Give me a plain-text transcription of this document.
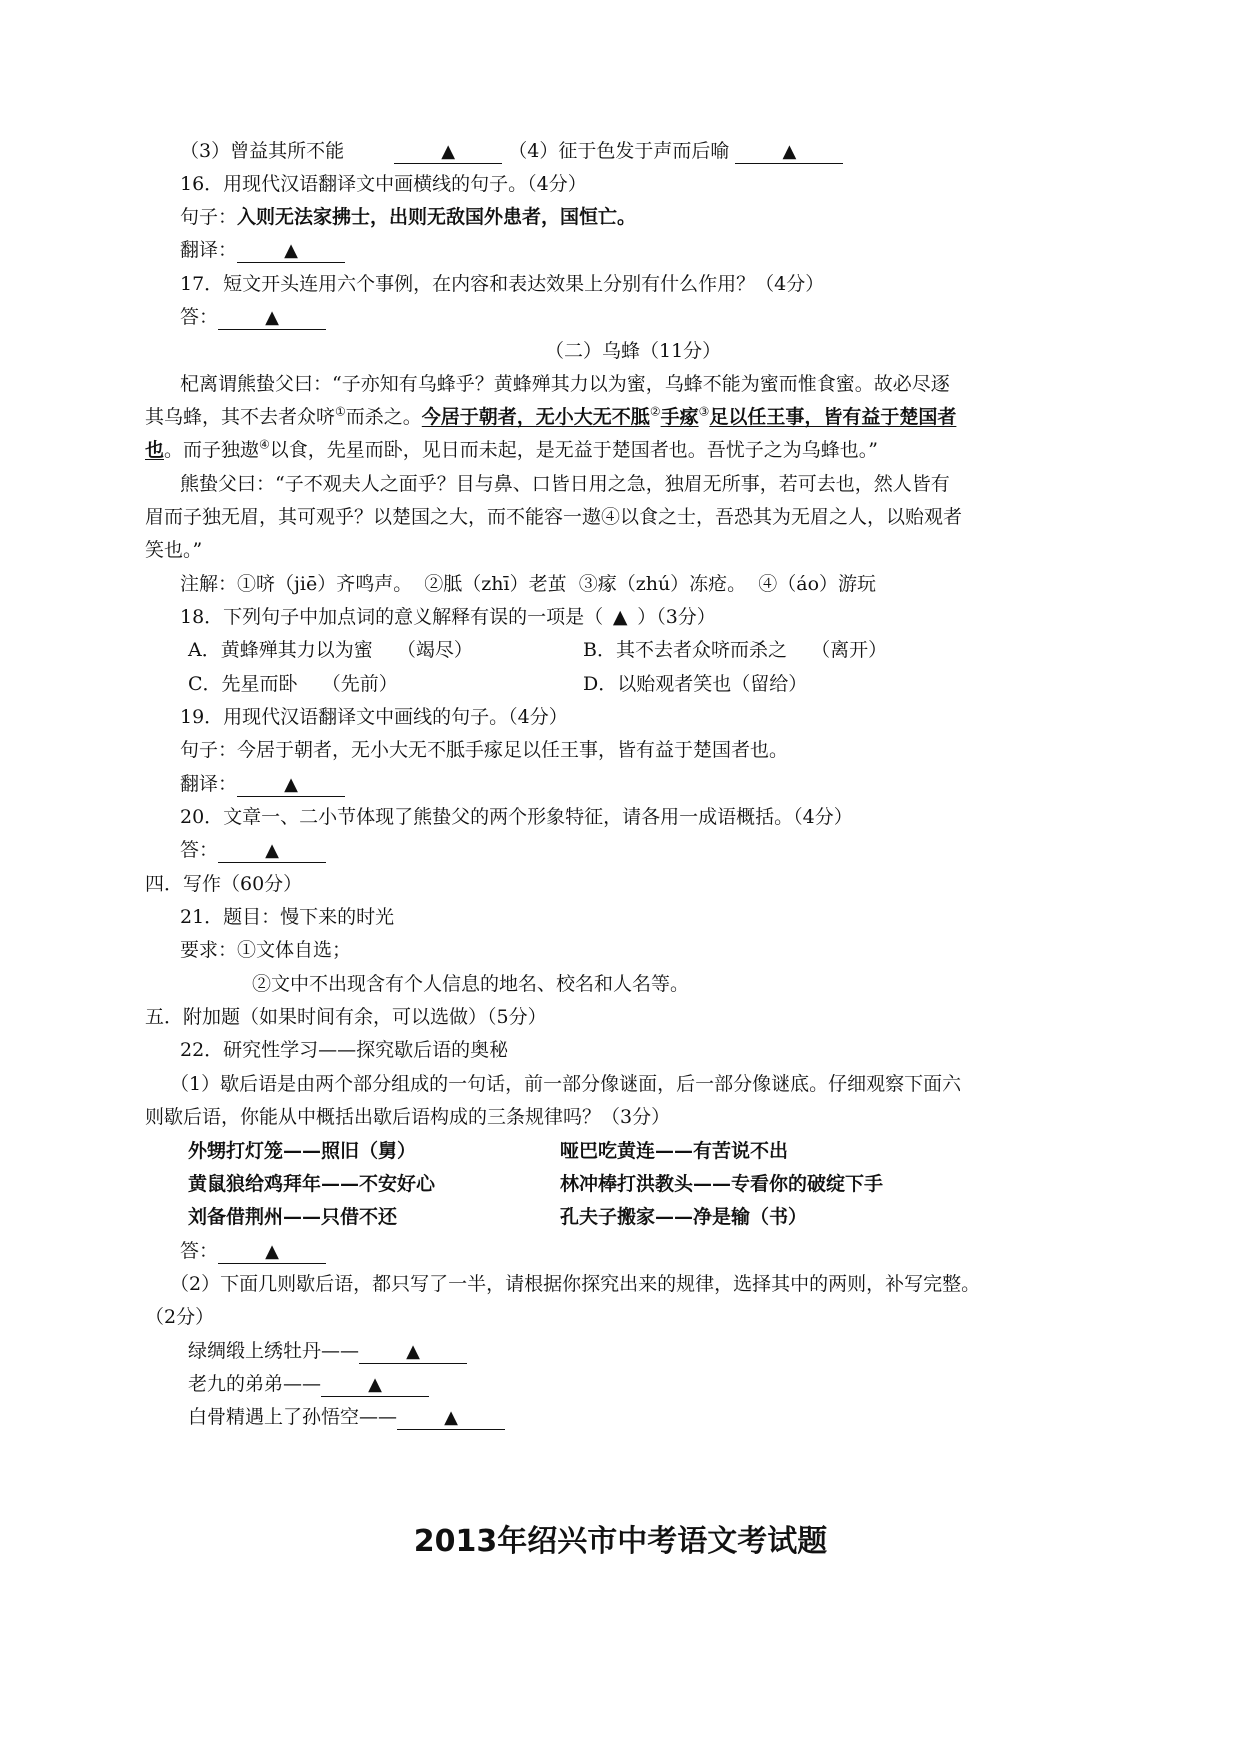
（3）曾益其所不能	▲	（4）征于色发于声而后喻	▲
16．用现代汉语翻译文中画横线的句子。（4分）
句子：入则无法家拂士，出则无敌国外患者，国恒亡。
翻译：	▲
17．短文开头连用六个事例，在内容和表达效果上分别有什么作用？（4分）
答：	▲
（二）乌蜂（11分）
杞离谓熊蛰父曰：“子亦知有乌蜂乎？黄蜂殚其力以为蜜，乌蜂不能为蜜而惟食蜜。故必尽逐
其乌蜂，其不去者众哜①而杀之。今居于朝者，无小大无不胝②手瘃③足以任王事，皆有益于楚国者
也。而子独遨④以食，先星而卧，见日而未起，是无益于楚国者也。吾忧子之为乌蜂也。”
熊蛰父曰：“子不观夫人之面乎？目与鼻、口皆日用之急，独眉无所事，若可去也，然人皆有
眉而子独无眉，其可观乎？以楚国之大，而不能容一遨④以食之士，吾恐其为无眉之人，以贻观者
笑也。”
注解：①哜（jiē）齐鸣声。  ②胝（zhī）老茧  ③瘃（zhú）冻疮。  ④（áo）游玩
18．下列句子中加点词的意义解释有误的一项是（ ▲ ）（3分）
A．黄蜂殚其力以为蜜    （竭尽）	B．其不去者众哜而杀之    （离开）
C．先星而卧    （先前）	D．以贻观者笑也（留给）
19．用现代汉语翻译文中画线的句子。（4分）
句子：今居于朝者，无小大无不胝手瘃足以任王事，皆有益于楚国者也。
翻译：	▲
20．文章一、二小节体现了熊蛰父的两个形象特征，请各用一成语概括。（4分）
答：	▲
四．写作（60分）
21．题目：慢下来的时光
要求：①文体自选；
②文中不出现含有个人信息的地名、校名和人名等。
五．附加题（如果时间有余，可以选做）（5分）
22．研究性学习——探究歇后语的奥秘
（1）歇后语是由两个部分组成的一句话，前一部分像谜面，后一部分像谜底。仔细观察下面六
则歇后语，你能从中概括出歇后语构成的三条规律吗？（3分）
外甥打灯笼——照旧（舅）	哑巴吃黄连——有苦说不出
黄鼠狼给鸡拜年——不安好心	林冲棒打洪教头——专看你的破绽下手
刘备借荆州——只借不还	孔夫子搬家——净是输（书）
答：	▲
（2）下面几则歇后语，都只写了一半，请根据你探究出来的规律，选择其中的两则，补写完整。
（2分）
绿绸缎上绣牡丹——	▲
老九的弟弟——	▲
白骨精遇上了孙悟空——	▲
2013年绍兴市中考语文考试题
